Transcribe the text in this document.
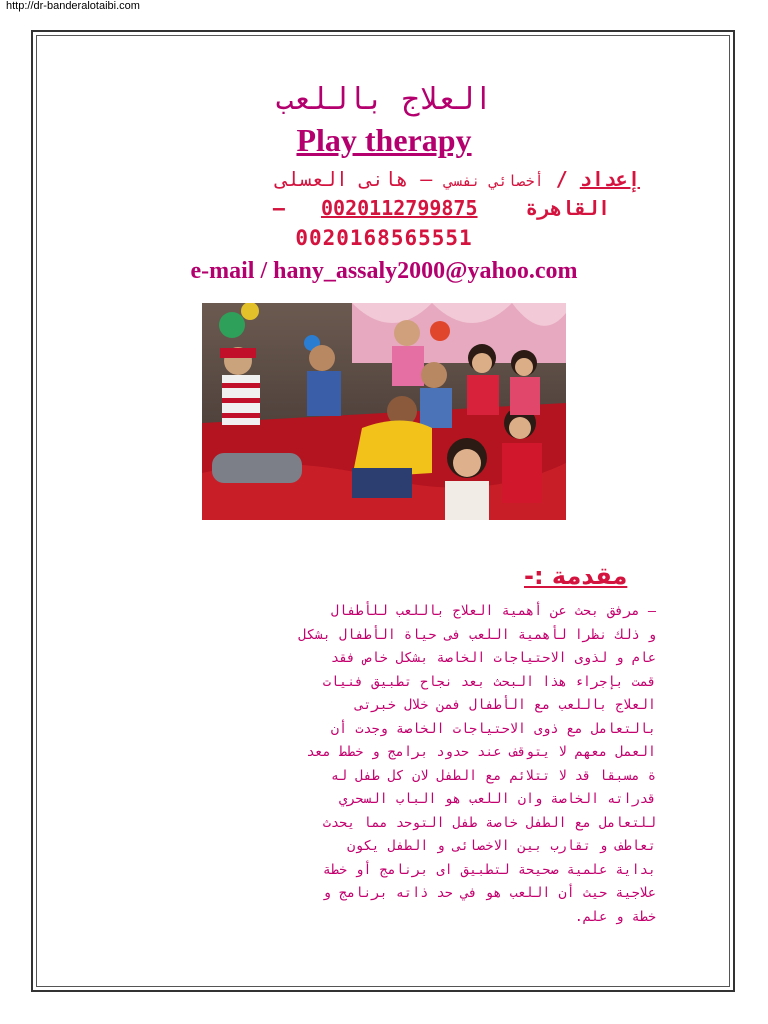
http://dr-banderalotaibi.com
العلاج باللعب
Play therapy
إعداد / أخصائي نفسي – هانى العسلى
القاهرة    0020112799875   –
0020168565551
e-mail / hany_assaly2000@yahoo.com
مقدمة :-
– مرفق بحث عن أهمية العلاج باللعب للأطفال
و ذلك نظرا لأهمية اللعب فى حياة الأطفال بشكل
عام و لذوى الاحتياجات الخاصة بشكل خاص فقد
قمت بإجراء هذا البحث بعد نجاح تطبيق فنيات
العلاج باللعب مع الأطفال فمن خلال خبرتى
بالتعامل مع ذوى الاحتياجات الخاصة وجدت أن
العمل معهم لا يتوقف عند حدود برامج و خطط معد
ة مسبقا قد لا تتلائم مع الطفل لان كل طفل له
قدراته الخاصة وان اللعب هو الباب السحري
للتعامل مع الطفل خاصة طفل التوحد مما يحدث
تعاطف و تقارب بين الاخصائى و الطفل يكون
بداية علمية صحيحة لتطبيق اى برنامج أو خطة
علاجية حيث أن اللعب هو في حد ذاته برنامج و
خطة و علم.
